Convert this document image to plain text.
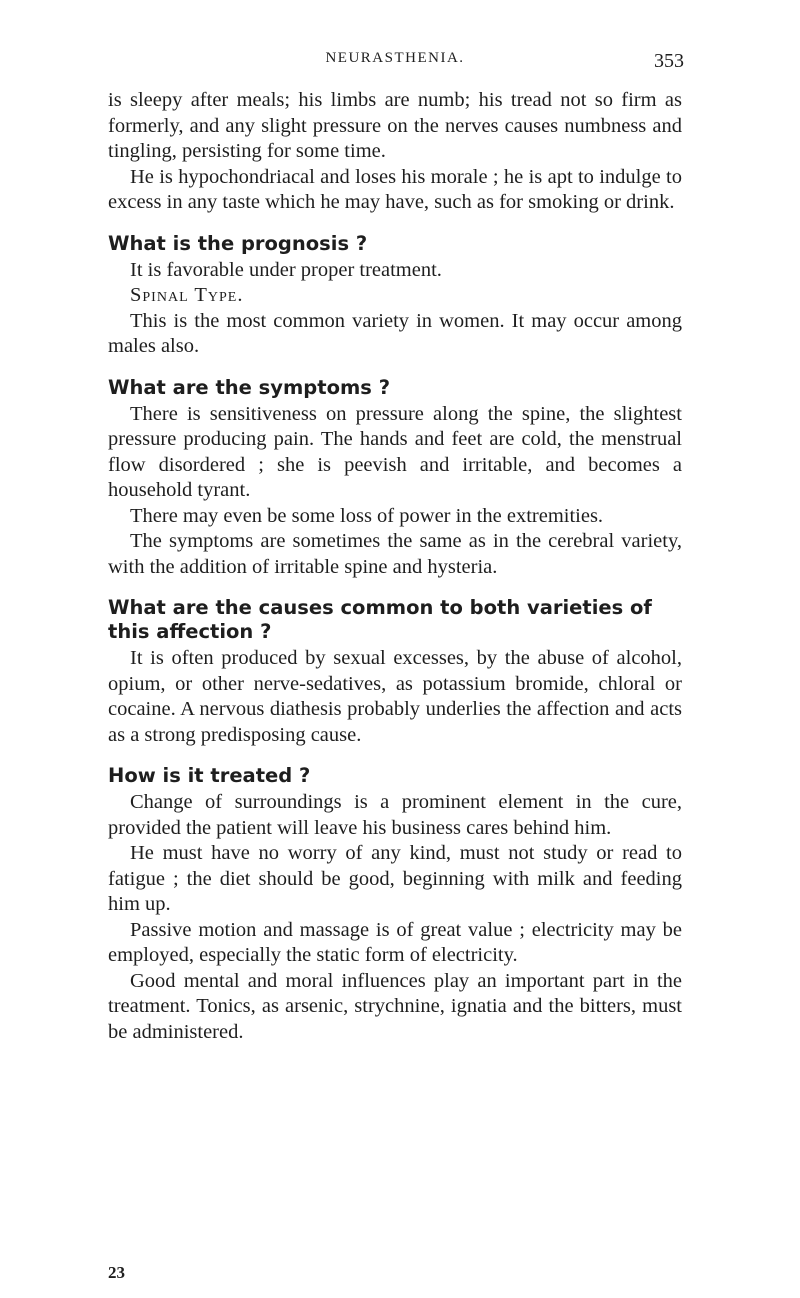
NEURASTHENIA.	353

is sleepy after meals; his limbs are numb; his tread not so firm as formerly, and any slight pressure on the nerves causes numbness and tingling, persisting for some time.

He is hypochondriacal and loses his morale ; he is apt to indulge to excess in any taste which he may have, such as for smoking or drink.

What is the prognosis ?

It is favorable under proper treatment.

Spinal Type.

This is the most common variety in women. It may occur among males also.

What are the symptoms ?

There is sensitiveness on pressure along the spine, the slightest pressure producing pain. The hands and feet are cold, the menstrual flow disordered ; she is peevish and irritable, and becomes a household tyrant.

There may even be some loss of power in the extremities.

The symptoms are sometimes the same as in the cerebral variety, with the addition of irritable spine and hysteria.

What are the causes common to both varieties of this affection ?

It is often produced by sexual excesses, by the abuse of alcohol, opium, or other nerve-sedatives, as potassium bromide, chloral or cocaine. A nervous diathesis probably underlies the affection and acts as a strong predisposing cause.

How is it treated ?

Change of surroundings is a prominent element in the cure, provided the patient will leave his business cares behind him.

He must have no worry of any kind, must not study or read to fatigue ; the diet should be good, beginning with milk and feeding him up.

Passive motion and massage is of great value ; electricity may be employed, especially the static form of electricity.

Good mental and moral influences play an important part in the treatment. Tonics, as arsenic, strychnine, ignatia and the bitters, must be administered.

23
